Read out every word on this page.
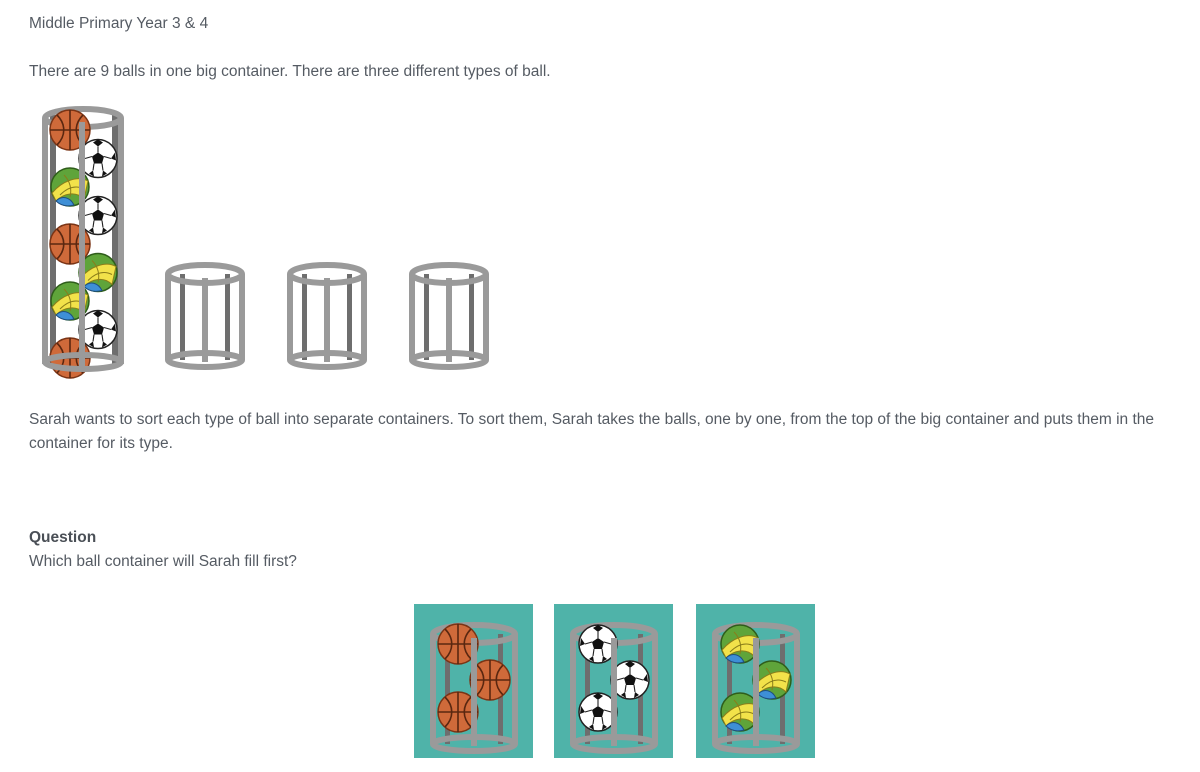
Middle Primary Year 3 & 4

There are 9 balls in one big container. There are three different types of ball.

Sarah wants to sort each type of ball into separate containers. To sort them, Sarah takes the balls, one by one, from the top of the big container and puts them in the container for its type.

Question

Which ball container will Sarah fill first?
